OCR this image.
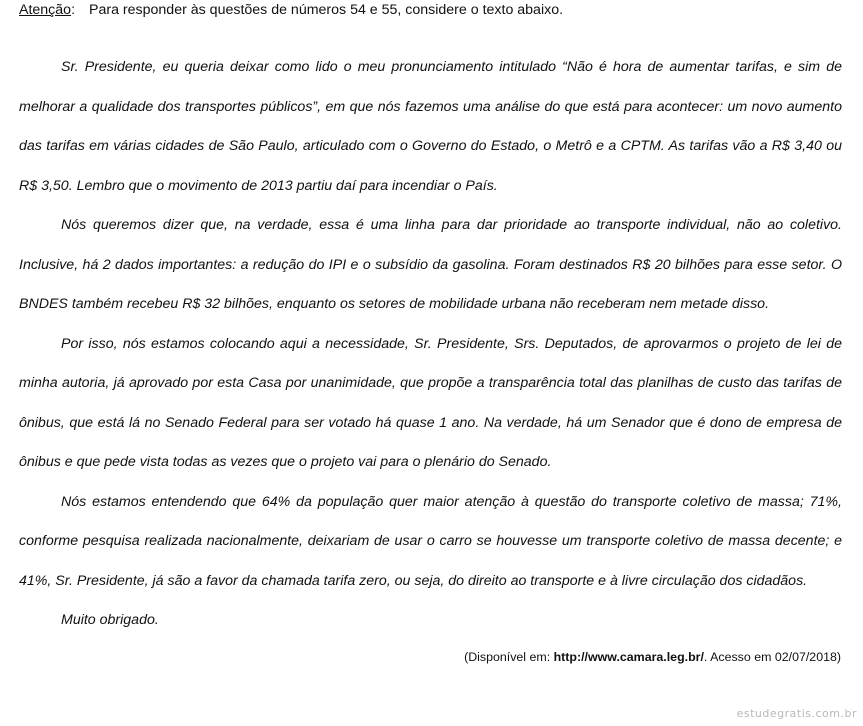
Atenção: Para responder às questões de números 54 e 55, considere o texto abaixo.

Sr. Presidente, eu queria deixar como lido o meu pronunciamento intitulado “Não é hora de aumentar tarifas, e sim de melhorar a qualidade dos transportes públicos”, em que nós fazemos uma análise do que está para acontecer: um novo aumento das tarifas em várias cidades de São Paulo, articulado com o Governo do Estado, o Metrô e a CPTM. As tarifas vão a R$ 3,40 ou R$ 3,50. Lembro que o movimento de 2013 partiu daí para incendiar o País.

Nós queremos dizer que, na verdade, essa é uma linha para dar prioridade ao transporte individual, não ao coletivo. Inclusive, há 2 dados importantes: a redução do IPI e o subsídio da gasolina. Foram destinados R$ 20 bilhões para esse setor. O BNDES também recebeu R$ 32 bilhões, enquanto os setores de mobilidade urbana não receberam nem metade disso.

Por isso, nós estamos colocando aqui a necessidade, Sr. Presidente, Srs. Deputados, de aprovarmos o projeto de lei de minha autoria, já aprovado por esta Casa por unanimidade, que propõe a transparência total das planilhas de custo das tarifas de ônibus, que está lá no Senado Federal para ser votado há quase 1 ano. Na verdade, há um Senador que é dono de empresa de ônibus e que pede vista todas as vezes que o projeto vai para o plenário do Senado.

Nós estamos entendendo que 64% da população quer maior atenção à questão do transporte coletivo de massa; 71%, conforme pesquisa realizada nacionalmente, deixariam de usar o carro se houvesse um transporte coletivo de massa decente; e 41%, Sr. Presidente, já são a favor da chamada tarifa zero, ou seja, do direito ao transporte e à livre circulação dos cidadãos.

Muito obrigado.

(Disponível em: http://www.camara.leg.br/. Acesso em 02/07/2018)
estudegratis.com.br
